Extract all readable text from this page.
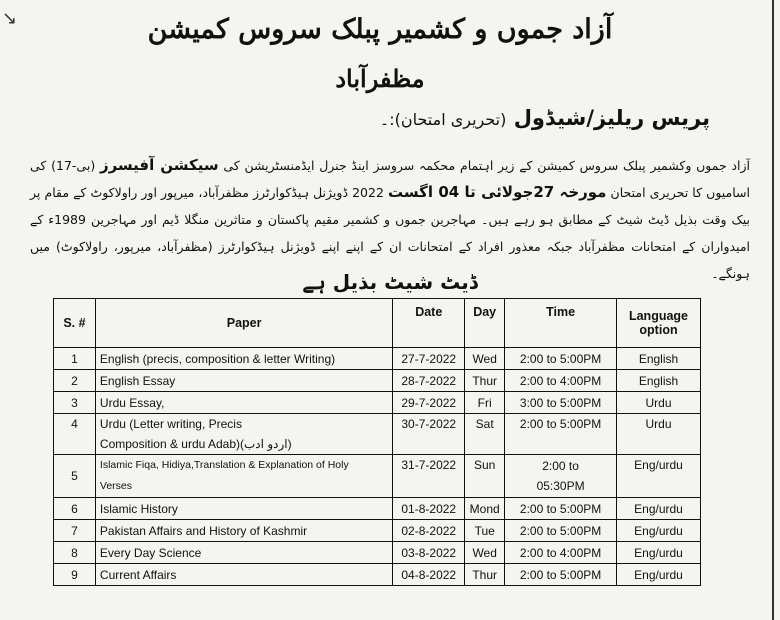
↘	آزاد جموں و کشمیر پبلک سروس کمیشن
مظفرآباد
پریس ریلیز/شیڈول (تحریری امتحان):۔
آزاد جموں وکشمیر پبلک سروس کمیشن کے زیر اہتمام محکمہ سروسز اینڈ جنرل ایڈمنسٹریشن کی سیکشن آفیسرز (بی-17) کی اسامیوں کا تحریری امتحان مورخہ 27جولائی تا 04 اگست 2022 ڈویژنل ہیڈکوارٹرز مظفرآباد، میرپور اور راولاکوٹ کے مقام پر بیک وقت بذیل ڈیٹ شیٹ کے مطابق ہو رہے ہیں۔ مہاجرین جموں و کشمیر مقیم پاکستان و متاثرین منگلا ڈیم اور مہاجرین 1989ء کے امیدواران کے امتحانات مظفرآباد جبکہ معذور افراد کے امتحانات ان کے اپنے اپنے ڈویژنل ہیڈکوارٹرز (مظفرآباد، میرپور، راولاکوٹ) میں ہونگے۔
ڈیٹ شیٹ بذیل ہے
S. #	Paper	Date	Day	Time	Language
option
1	English (precis, composition & letter Writing)	27-7-2022	Wed	2:00 to 5:00PM	English
2	English Essay	28-7-2022	Thur	2:00 to 4:00PM	English
3	Urdu Essay,	29-7-2022	Fri	3:00 to 5:00PM	Urdu
4	Urdu (Letter writing, Precis
Composition & urdu Adab)(اردو ادب)	30-7-2022	Sat	2:00 to 5:00PM	Urdu
5	Islamic Fiqa, Hidiya,Translation & Explanation of Holy
Verses	31-7-2022	Sun	2:00 to
05:30PM	Eng/urdu
6	Islamic History	01-8-2022	Mond	2:00 to 5:00PM	Eng/urdu
7	Pakistan Affairs and History of Kashmir	02-8-2022	Tue	2:00 to 5:00PM	Eng/urdu
8	Every Day Science	03-8-2022	Wed	2:00 to 4:00PM	Eng/urdu
9	Current Affairs	04-8-2022	Thur	2:00 to 5:00PM	Eng/urdu
